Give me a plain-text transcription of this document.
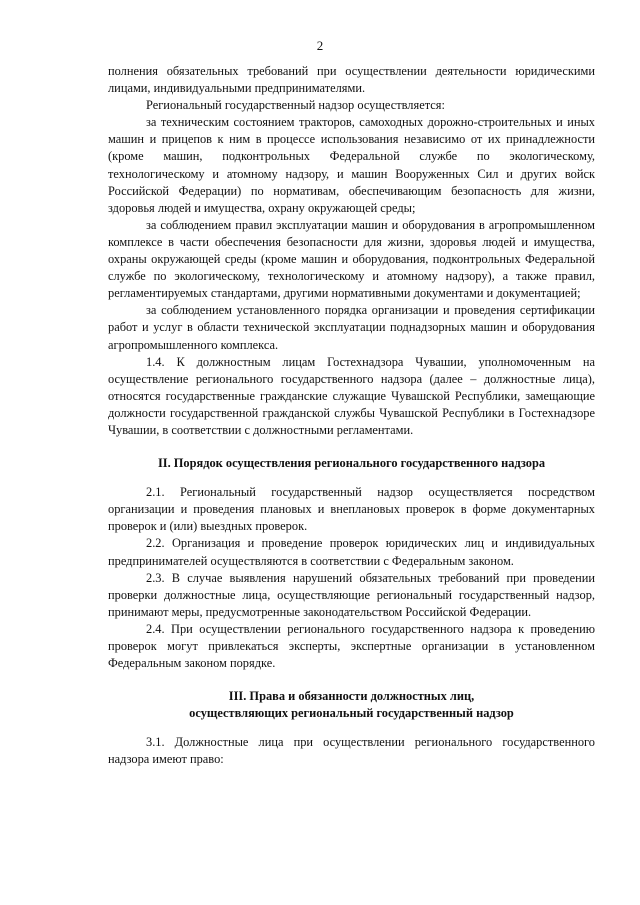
2

полнения обязательных требований при осуществлении деятельности юридическими лицами, индивидуальными предпринимателями.

Региональный государственный надзор осуществляется:

за техническим состоянием тракторов, самоходных дорожно-строительных и иных машин и прицепов к ним в процессе использования независимо от их принадлежности (кроме машин, подконтрольных Федеральной службе по экологическому, технологическому и атомному надзору, и машин Вооруженных Сил и других войск Российской Федерации) по нормативам, обеспечивающим безопасность для жизни, здоровья людей и имущества, охрану окружающей среды;

за соблюдением правил эксплуатации машин и оборудования в агропромышленном комплексе в части обеспечения безопасности для жизни, здоровья людей и имущества, охраны окружающей среды (кроме машин и оборудования, подконтрольных Федеральной службе по экологическому, технологическому и атомному надзору), а также правил, регламентируемых стандартами, другими нормативными документами и документацией;

за соблюдением установленного порядка организации и проведения сертификации работ и услуг в области технической эксплуатации поднадзорных машин и оборудования агропромышленного комплекса.

1.4. К должностным лицам Гостехнадзора Чувашии, уполномоченным на осуществление регионального государственного надзора (далее – должностные лица), относятся государственные гражданские служащие Чувашской Республики, замещающие должности государственной гражданской службы Чувашской Республики в Гостехнадзоре Чувашии, в соответствии с должностными регламентами.

II. Порядок осуществления регионального государственного надзора

2.1. Региональный государственный надзор осуществляется посредством организации и проведения плановых и внеплановых проверок в форме документарных проверок и (или) выездных проверок.

2.2. Организация и проведение проверок юридических лиц и индивидуальных предпринимателей осуществляются в соответствии с Федеральным законом.

2.3. В случае выявления нарушений обязательных требований при проведении проверки должностные лица, осуществляющие региональный государственный надзор, принимают меры, предусмотренные законодательством Российской Федерации.

2.4. При осуществлении регионального государственного надзора к проведению проверок могут привлекаться эксперты, экспертные организации в установленном Федеральным законом порядке.

III. Права и обязанности должностных лиц,

осуществляющих региональный государственный надзор

3.1. Должностные лица при осуществлении регионального государственного надзора имеют право:
